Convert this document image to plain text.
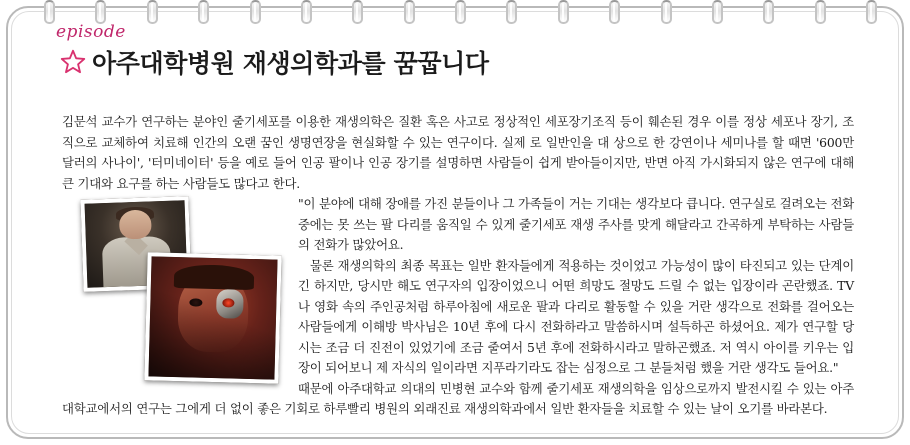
episode
아주대학병원 재생의학과를 꿈꿉니다

김문석 교수가 연구하는 분야인 줄기세포를 이용한 재생의학은 질환 혹은 사고로 정상적인 세포장기조직 등이 훼손된 경우 이를 정상 세포나 장기, 조직으로 교체하여 치료해 인간의 오랜 꿈인 생명연장을 현실화할 수 있는 연구이다. 실제 로 일반인을 대 상으로 한 강연이나 세미나를 할 때면 '600만 달러의 사나이', '터미네이터' 등을 예로 들어 인공 팔이나 인공 장기를 설명하면 사람들이 쉽게 받아들이지만, 반면 아직 가시화되지 않은 연구에 대해 큰 기대와 요구를 하는 사람들도 많다고 한다.

"이 분야에 대해 장애를 가진 분들이나 그 가족들이 거는 기대는 생각보다 큽니다. 연구실로 걸려오는 전화 중에는 못 쓰는 팔 다리를 움직일 수 있게 줄기세포 재생 주사를 맞게 해달라고 간곡하게 부탁하는 사람들의 전화가 많았어요.

물론 재생의학의 최종 목표는 일반 환자들에게 적용하는 것이었고 가능성이 많이 타진되고 있는 단계이긴 하지만, 당시만 해도 연구자의 입장이었으니 어떤 희망도 절망도 드릴 수 없는 입장이라 곤란했죠. TV나 영화 속의 주인공처럼 하루아침에 새로운 팔과 다리로 활동할 수 있을 거란 생각으로 전화를 걸어오는 사람들에게 이해방 박사님은 10년 후에 다시 전화하라고 말씀하시며 설득하곤 하셨어요. 제가 연구할 당시는 조금 더 진전이 있었기에 조금 줄여서 5년 후에 전화하시라고 말하곤했죠. 저 역시 아이를 키우는 입장이 되어보니 제 자식의 일이라면 지푸라기라도 잡는 심정으로 그 분들처럼 했을 거란 생각도 들어요."

때문에 아주대학교 의대의 민병현 교수와 함께 줄기세포 재생의학을 임상으로까지 발전시킬 수 있는 아주대학교에서의 연구는 그에게 더 없이 좋은 기회로 하루빨리 병원의 외래진료 재생의학과에서 일반 환자들을 치료할 수 있는 날이 오기를 바라본다.
